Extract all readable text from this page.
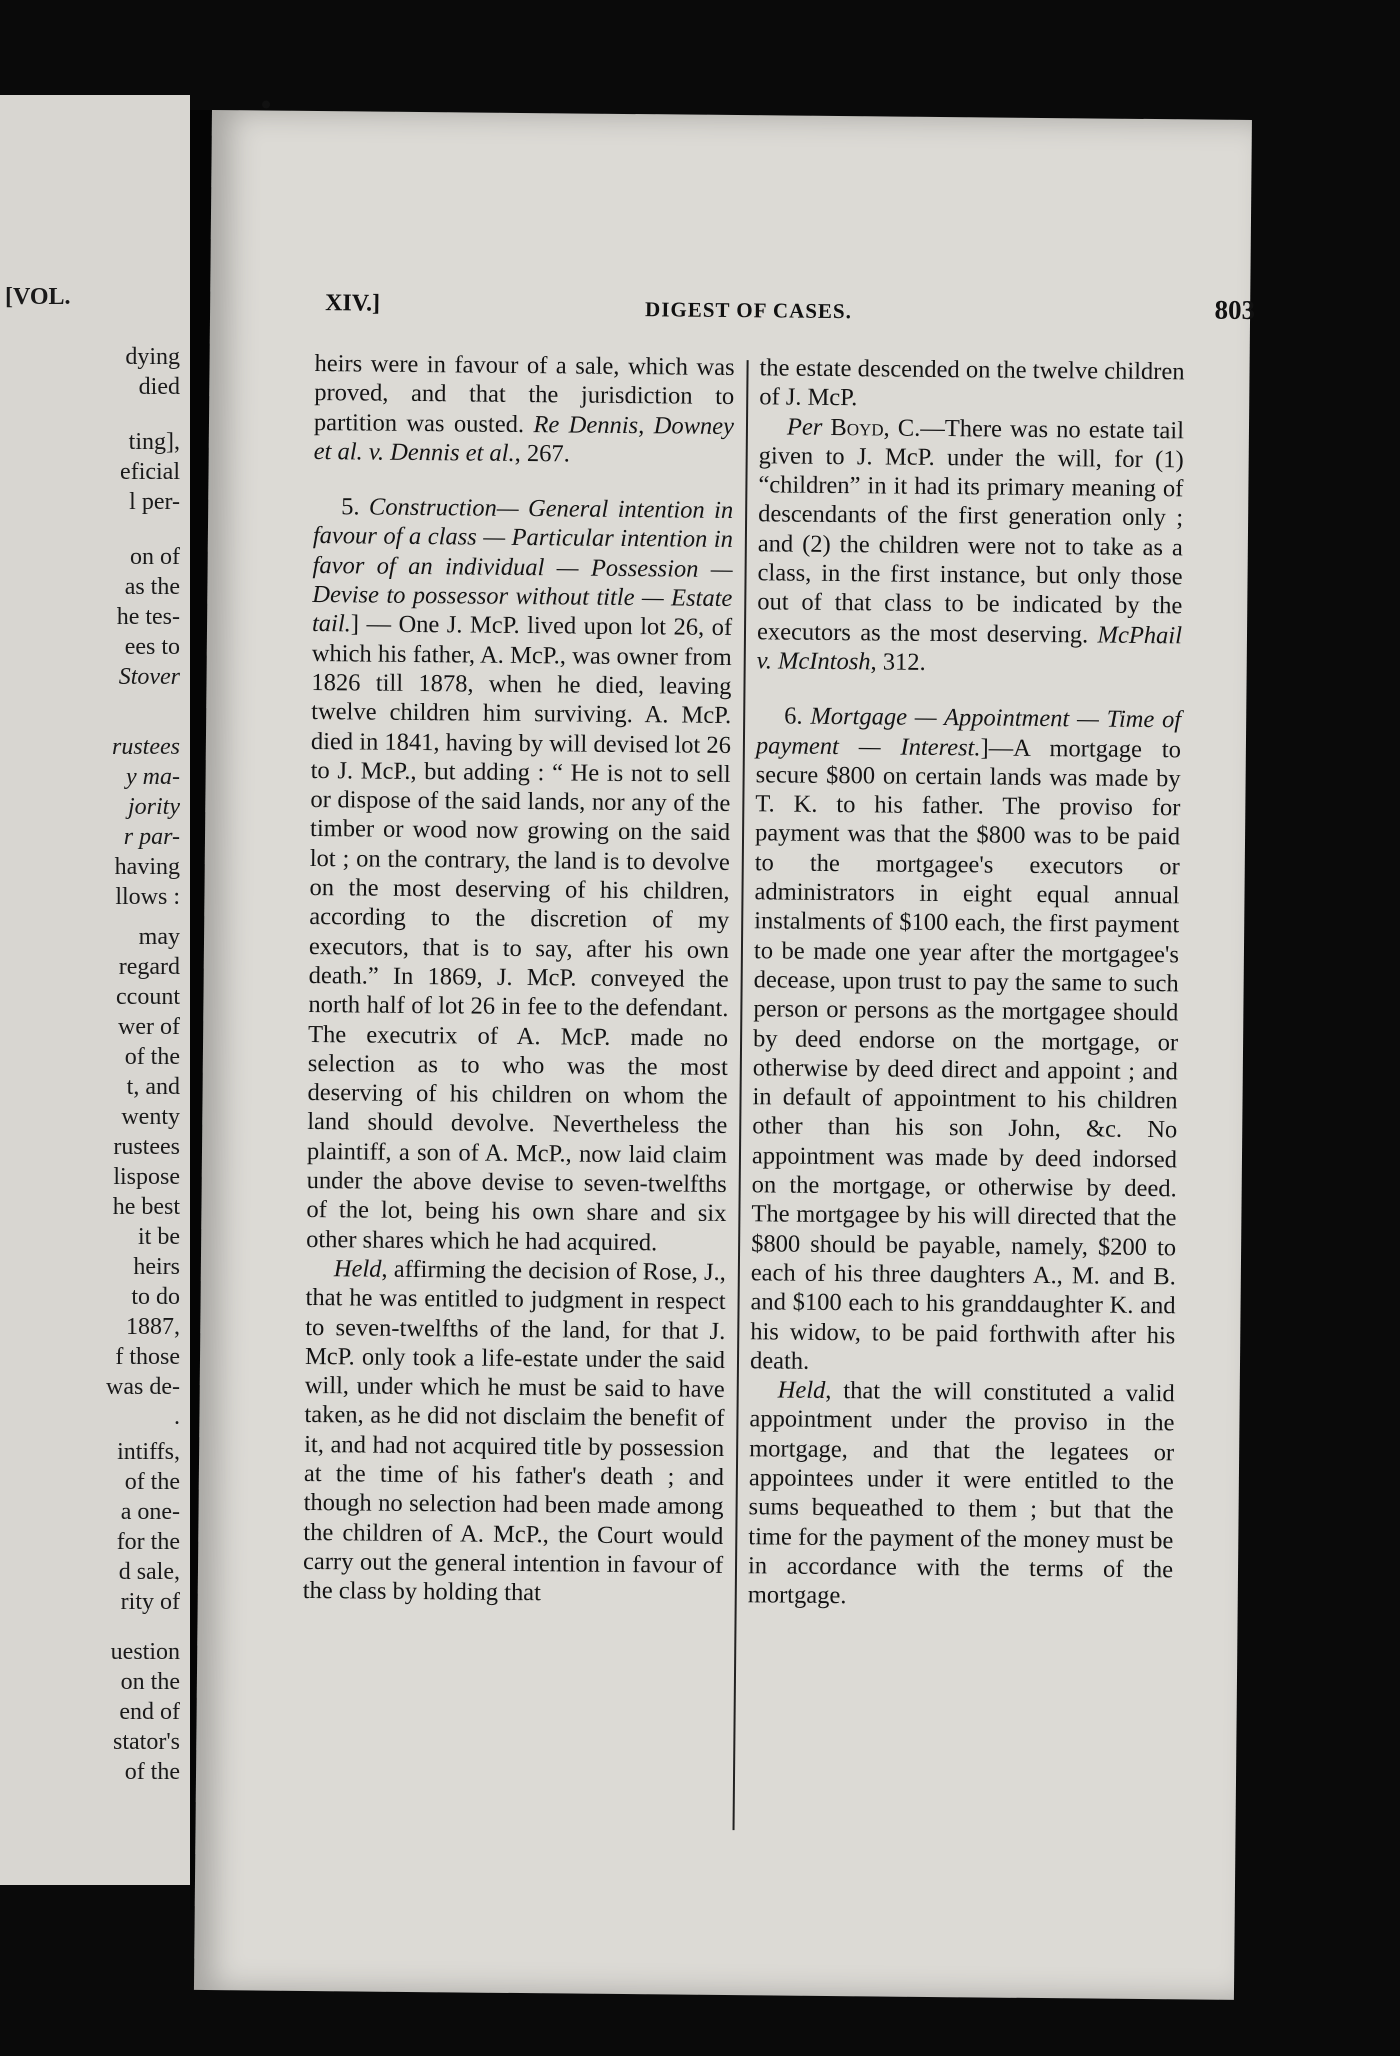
[VOL.

dying

died

ting],

eficial

l per-

on of

as the

he tes-

ees to

Stover

rustees

y ma-

jority

r par-

having

llows :

may

regard

ccount

wer of

of the

t, and

wenty

rustees

lispose

he best

it be

heirs

to do

1887,

f those

was de-

.

intiffs,

of the

a one-

for the

d sale,

rity of

uestion

on the

end of

stator's

of the

XIV.]	DIGEST OF CASES.	803

heirs were in favour of a sale, which was proved, and that the jurisdiction to partition was ousted. Re Dennis, Downey et al. v. Dennis et al., 267.

5. Construction— General intention in favour of a class — Particular intention in favor of an individual — Possession — Devise to possessor without title — Estate tail.] — One J. McP. lived upon lot 26, of which his father, A. McP., was owner from 1826 till 1878, when he died, leaving twelve children him surviving. A. McP. died in 1841, having by will devised lot 26 to J. McP., but adding : “ He is not to sell or dispose of the said lands, nor any of the timber or wood now growing on the said lot ; on the contrary, the land is to devolve on the most deserving of his children, according to the discretion of my executors, that is to say, after his own death.” In 1869, J. McP. conveyed the north half of lot 26 in fee to the defendant. The executrix of A. McP. made no selection as to who was the most deserving of his children on whom the land should devolve. Nevertheless the plaintiff, a son of A. McP., now laid claim under the above devise to seven-twelfths of the lot, being his own share and six other shares which he had acquired.

Held, affirming the decision of Rose, J., that he was entitled to judgment in respect to seven-twelfths of the land, for that J. McP. only took a life-estate under the said will, under which he must be said to have taken, as he did not disclaim the benefit of it, and had not acquired title by possession at the time of his father's death ; and though no selection had been made among the children of A. McP., the Court would carry out the general intention in favour of the class by holding that

the estate descended on the twelve children of J. McP.

Per Boyd, C.—There was no estate tail given to J. McP. under the will, for (1) “children” in it had its primary meaning of descendants of the first generation only ; and (2) the children were not to take as a class, in the first instance, but only those out of that class to be indicated by the executors as the most deserving. McPhail v. McIntosh, 312.

6. Mortgage — Appointment — Time of payment — Interest.]—A mortgage to secure $800 on certain lands was made by T. K. to his father. The proviso for payment was that the $800 was to be paid to the mortgagee's executors or administrators in eight equal annual instalments of $100 each, the first payment to be made one year after the mortgagee's decease, upon trust to pay the same to such person or persons as the mortgagee should by deed endorse on the mortgage, or otherwise by deed direct and appoint ; and in default of appointment to his children other than his son John, &c. No appointment was made by deed indorsed on the mortgage, or otherwise by deed. The mortgagee by his will directed that the $800 should be payable, namely, $200 to each of his three daughters A., M. and B. and $100 each to his granddaughter K. and his widow, to be paid forthwith after his death.

Held, that the will constituted a valid appointment under the proviso in the mortgage, and that the legatees or appointees under it were entitled to the sums bequeathed to them ; but that the time for the payment of the money must be in accordance with the terms of the mortgage.
